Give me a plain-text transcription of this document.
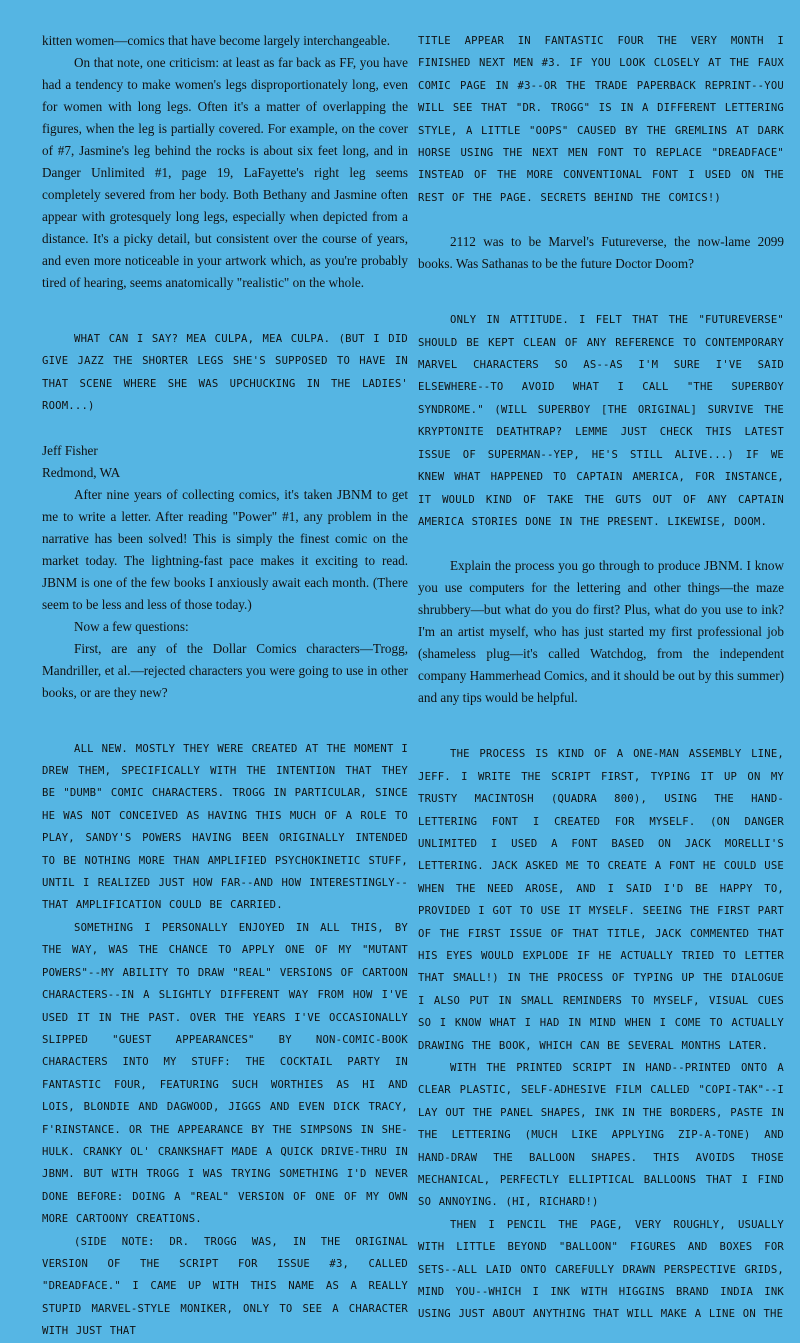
kitten women—comics that have become largely interchangeable.

On that note, one criticism: at least as far back as FF, you have had a tendency to make women's legs disproportionately long, even for women with long legs. Often it's a matter of overlapping the figures, when the leg is partially covered. For example, on the cover of #7, Jasmine's leg behind the rocks is about six feet long, and in Danger Unlimited #1, page 19, LaFayette's right leg seems completely severed from her body. Both Bethany and Jasmine often appear with grotesquely long legs, especially when depicted from a distance. It's a picky detail, but consistent over the course of years, and even more noticeable in your artwork which, as you're probably tired of hearing, seems anatomically "realistic" on the whole.

WHAT CAN I SAY? MEA CULPA, MEA CULPA. (BUT I DID GIVE JAZZ THE SHORTER LEGS SHE'S SUPPOSED TO HAVE IN THAT SCENE WHERE SHE WAS UPCHUCKING IN THE LADIES' ROOM...)

Jeff Fisher

Redmond, WA

After nine years of collecting comics, it's taken JBNM to get me to write a letter. After reading "Power" #1, any problem in the narrative has been solved! This is simply the finest comic on the market today. The lightning-fast pace makes it exciting to read. JBNM is one of the few books I anxiously await each month. (There seem to be less and less of those today.)

Now a few questions:

First, are any of the Dollar Comics characters—Trogg, Mandriller, et al.—rejected characters you were going to use in other books, or are they new?

ALL NEW. MOSTLY THEY WERE CREATED AT THE MOMENT I DREW THEM, SPECIFICALLY WITH THE INTENTION THAT THEY BE "DUMB" COMIC CHARACTERS. TROGG IN PARTICULAR, SINCE HE WAS NOT CONCEIVED AS HAVING THIS MUCH OF A ROLE TO PLAY, SANDY'S POWERS HAVING BEEN ORIGINALLY INTENDED TO BE NOTHING MORE THAN AMPLIFIED PSYCHOKINETIC STUFF, UNTIL I REALIZED JUST HOW FAR--AND HOW INTERESTINGLY--THAT AMPLIFICATION COULD BE CARRIED.

SOMETHING I PERSONALLY ENJOYED IN ALL THIS, BY THE WAY, WAS THE CHANCE TO APPLY ONE OF MY "MUTANT POWERS"--MY ABILITY TO DRAW "REAL" VERSIONS OF CARTOON CHARACTERS--IN A SLIGHTLY DIFFERENT WAY FROM HOW I'VE USED IT IN THE PAST. OVER THE YEARS I'VE OCCASIONALLY SLIPPED "GUEST APPEARANCES" BY NON-COMIC-BOOK CHARACTERS INTO MY STUFF: THE COCKTAIL PARTY IN FANTASTIC FOUR, FEATURING SUCH WORTHIES AS HI AND LOIS, BLONDIE AND DAGWOOD, JIGGS AND EVEN DICK TRACY, F'RINSTANCE. OR THE APPEARANCE BY THE SIMPSONS IN SHE-HULK. CRANKY OL' CRANKSHAFT MADE A QUICK DRIVE-THRU IN JBNM. BUT WITH TROGG I WAS TRYING SOMETHING I'D NEVER DONE BEFORE: DOING A "REAL" VERSION OF ONE OF MY OWN MORE CARTOONY CREATIONS.

(SIDE NOTE: DR. TROGG WAS, IN THE ORIGINAL VERSION OF THE SCRIPT FOR ISSUE #3, CALLED "DREADFACE." I CAME UP WITH THIS NAME AS A REALLY STUPID MARVEL-STYLE MONIKER, ONLY TO SEE A CHARACTER WITH JUST THAT

TITLE APPEAR IN FANTASTIC FOUR THE VERY MONTH I FINISHED NEXT MEN #3. IF YOU LOOK CLOSELY AT THE FAUX COMIC PAGE IN #3--OR THE TRADE PAPERBACK REPRINT--YOU WILL SEE THAT "DR. TROGG" IS IN A DIFFERENT LETTERING STYLE, A LITTLE "OOPS" CAUSED BY THE GREMLINS AT DARK HORSE USING THE NEXT MEN FONT TO REPLACE "DREADFACE" INSTEAD OF THE MORE CONVENTIONAL FONT I USED ON THE REST OF THE PAGE. SECRETS BEHIND THE COMICS!)

2112 was to be Marvel's Futureverse, the now-lame 2099 books. Was Sathanas to be the future Doctor Doom?

ONLY IN ATTITUDE. I FELT THAT THE "FUTUREVERSE" SHOULD BE KEPT CLEAN OF ANY REFERENCE TO CONTEMPORARY MARVEL CHARACTERS SO AS--AS I'M SURE I'VE SAID ELSEWHERE--TO AVOID WHAT I CALL "THE SUPERBOY SYNDROME." (WILL SUPERBOY [THE ORIGINAL] SURVIVE THE KRYPTONITE DEATHTRAP? LEMME JUST CHECK THIS LATEST ISSUE OF SUPERMAN--YEP, HE'S STILL ALIVE...) IF WE KNEW WHAT HAPPENED TO CAPTAIN AMERICA, FOR INSTANCE, IT WOULD KIND OF TAKE THE GUTS OUT OF ANY CAPTAIN AMERICA STORIES DONE IN THE PRESENT. LIKEWISE, DOOM.

Explain the process you go through to produce JBNM. I know you use computers for the lettering and other things—the maze shrubbery—but what do you do first? Plus, what do you use to ink? I'm an artist myself, who has just started my first professional job (shameless plug—it's called Watchdog, from the independent company Hammerhead Comics, and it should be out by this summer) and any tips would be helpful.

THE PROCESS IS KIND OF A ONE-MAN ASSEMBLY LINE, JEFF. I WRITE THE SCRIPT FIRST, TYPING IT UP ON MY TRUSTY MACINTOSH (QUADRA 800), USING THE HAND-LETTERING FONT I CREATED FOR MYSELF. (ON DANGER UNLIMITED I USED A FONT BASED ON JACK MORELLI'S LETTERING. JACK ASKED ME TO CREATE A FONT HE COULD USE WHEN THE NEED AROSE, AND I SAID I'D BE HAPPY TO, PROVIDED I GOT TO USE IT MYSELF. SEEING THE FIRST PART OF THE FIRST ISSUE OF THAT TITLE, JACK COMMENTED THAT HIS EYES WOULD EXPLODE IF HE ACTUALLY TRIED TO LETTER THAT SMALL!) IN THE PROCESS OF TYPING UP THE DIALOGUE I ALSO PUT IN SMALL REMINDERS TO MYSELF, VISUAL CUES SO I KNOW WHAT I HAD IN MIND WHEN I COME TO ACTUALLY DRAWING THE BOOK, WHICH CAN BE SEVERAL MONTHS LATER.

WITH THE PRINTED SCRIPT IN HAND--PRINTED ONTO A CLEAR PLASTIC, SELF-ADHESIVE FILM CALLED "COPI-TAK"--I LAY OUT THE PANEL SHAPES, INK IN THE BORDERS, PASTE IN THE LETTERING (MUCH LIKE APPLYING ZIP-A-TONE) AND HAND-DRAW THE BALLOON SHAPES. THIS AVOIDS THOSE MECHANICAL, PERFECTLY ELLIPTICAL BALLOONS THAT I FIND SO ANNOYING. (HI, RICHARD!)

THEN I PENCIL THE PAGE, VERY ROUGHLY, USUALLY WITH LITTLE BEYOND "BALLOON" FIGURES AND BOXES FOR SETS--ALL LAID ONTO CAREFULLY DRAWN PERSPECTIVE GRIDS, MIND YOU--WHICH I INK WITH HIGGINS BRAND INDIA INK USING JUST ABOUT ANYTHING THAT WILL MAKE A LINE ON THE
